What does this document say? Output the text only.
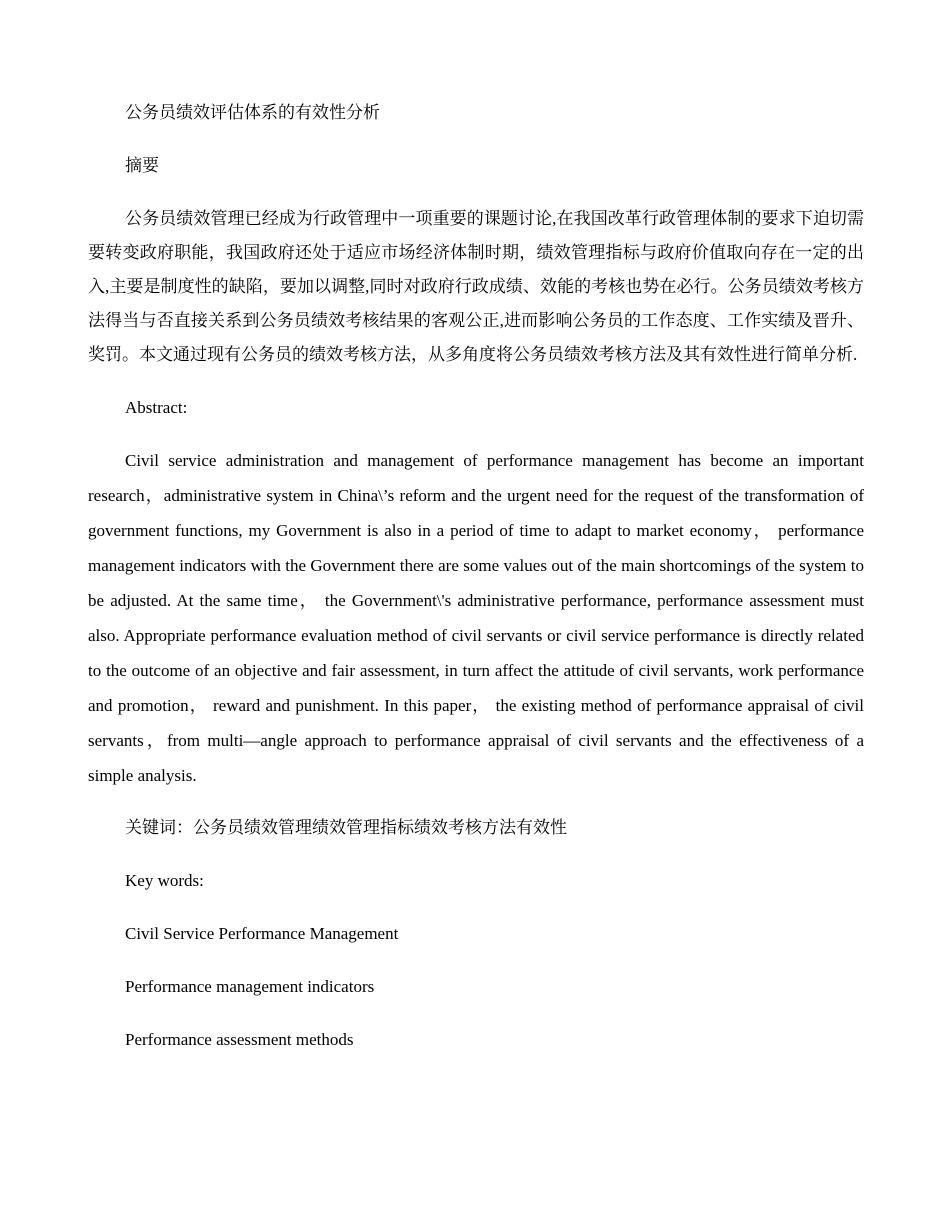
公务员绩效评估体系的有效性分析

摘要

公务员绩效管理已经成为行政管理中一项重要的课题讨论,在我国改革行政管理体制的要求下迫切需要转变政府职能，我国政府还处于适应市场经济体制时期，绩效管理指标与政府价值取向存在一定的出入,主要是制度性的缺陷，要加以调整,同时对政府行政成绩、效能的考核也势在必行。公务员绩效考核方法得当与否直接关系到公务员绩效考核结果的客观公正,进而影响公务员的工作态度、工作实绩及晋升、奖罚。本文通过现有公务员的绩效考核方法，从多角度将公务员绩效考核方法及其有效性进行简单分析.

Abstract:

Civil service administration and management of performance management has become an important research，administrative system in China\’s reform and the urgent need for the request of the transformation of government functions, my Government is also in a period of time to adapt to market economy， performance management indicators with the Government there are some values out of the main shortcomings of the system to be adjusted. At the same time， the Government\'s administrative performance, performance assessment must also. Appropriate performance evaluation method of civil servants or civil service performance is directly related to the outcome of an objective and fair assessment, in turn affect the attitude of civil servants, work performance and promotion， reward and punishment. In this paper， the existing method of performance appraisal of civil servants，from multi—angle approach to performance appraisal of civil servants and the effectiveness of a simple analysis.

关键词：公务员绩效管理绩效管理指标绩效考核方法有效性

Key words:

Civil Service Performance Management

Performance management indicators

Performance assessment methods
